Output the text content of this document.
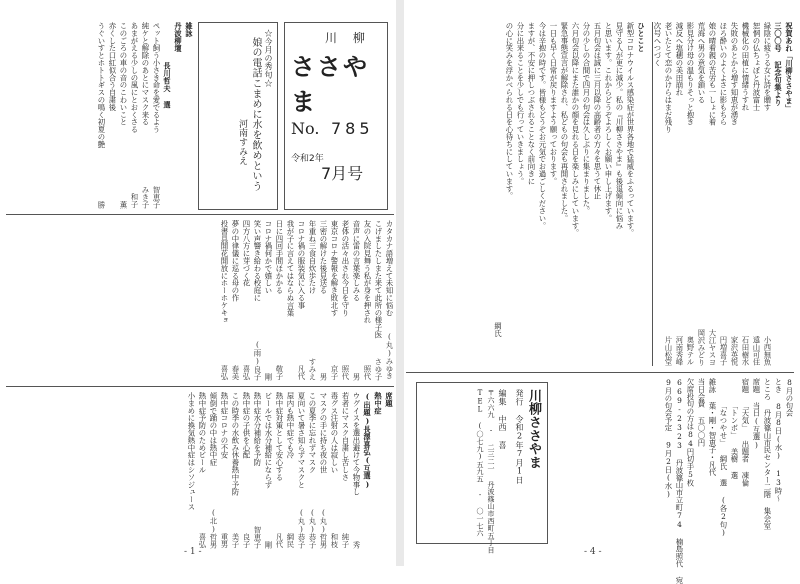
川 柳
ささやま
No. 785
令和2年
7月号
☆今月の秀句☆
娘の電話こまめに水を飲めという
河南すみえ
雑詠
丹波柳壇
長川哲夫 選
ペット飼う小さき命を愛でるよう
智恵子
純ケと解除のあとにマスク来る
みき子
あまがえる少しの風にとおくさる
和子
このごろの車の音のこわいこと
薫
赤くした口紅似合う自粛後
うぐいすとホトトギスの鳴く初夏の艶
勝
カタカナ語増えて未知に悩む
(丸)みゆき
こげましたしまた来て此所の様子医
さゆ子
友の入院見舞う私が身を押され
照代
音声に雷の言葉楽しみる
男
老体の活々出され今日を守り
照代
東京コロナ警報を解き敗北す
京子
三密の解けた後見送る
男
年重ね三食自炊歩たけ
すみえ
コロナ禍の服装気に入る事
凡代
我が子に言えてはならぬ言葉
日に四回手間ほかかる
敬子
コロナ禍何かで嬉しい
剛
笑い声響き給わる校庭に
(雨)良子
四方八方に芽づく花
喜弘
夢の中律儀に巡る母の作
春美
投書具開花開放にホーホケキョ
喜弘
席題
熱中症
(出題)長澤喜弘(互選)
ウグイスを選出避けて今物事し
秀
若者にマスク自粛し苦しさ
純子
毒グス注射の人は寂しい
和枝
マスクの手に持ち夜の世
(丸)哲男
この夏季に忘れずマスク
(丸)恭子
夏向いて暑さ知らずマスクと
(丸)恭子
屋内も熱中症でも冷
網民
熱中症対策として安心する
凡代
ビールでは水分補給にならず
剛
熱中症水分補給を予防
智恵子
熱中症の子供を心配
良子
この時季の水飲み休養熱中予防
美子
熱中症コロナの不安
重男
傾倒で踊の中は熱中症
(北)哲男
熱中症予防のためビール
喜弘
小まめに換気熱中症はシソジュース
- 1 -
祝賀あれ「川柳ささやま」
三〇〇号 記念句集より
緑陰に疲うる女に詩を贈す
小西無魚
恕惘の仏ちょぼと丹波富士
遠山可住
機械化の田植に情緒うすれ
石田樹水
失敗のあとから増す知恵が湧き
家沢英悦
ほろ酔いのよくよさに影もちら
円増喜子
娘の晴着親の苦労も一しょに着
大江ヤスヨ
荒海へ男の意気を鎖いる
岡沢みどり
影見分け母の温もりそっと抱き
奥野テル
減反へ塩穂の美田崩れ
河南秀峰
老いたとて恋のかけらはまだ残り
片山松堂
次号へつづく
ひとこと
新型コロナウイルス感染症が世界各地で猛威をふるっています。
見守る人が更に減少。私の『川柳ささやま』も後退傾向に悩み
と思います。これからどうぞよろしくお願い申し上げます。
五月句会は誠に三月以降の高齢者の方々を思うて休止
分の少しの合間で四月の句会は久しぶりに集まりました。
六月句会以降にまた誰かの顔を見れる日を楽しみにしています。
緊急事態宣言が解除され、私どもの句会も再開されました。
一日も早く日常が戻りますよう願っております。
今は辛抱の時です。皆様もどうぞお元気でお過ごしください。
ますが、不安に押しつぶされることなく前向きに
分に出来ることを少しでも行っていきましょう。
の心に笑みを浮かべられる日を心待ちにしています。
網氏
8月の句会
とき 8月8日(水) 13時～
ところ 丹波篠山市民センター二階 集会室
席題 当日(互選)
宿題 「天気」 出題者 凍倫
　　 「トンボ」 美樹 選
　　 「なつやせ」 網氏 選 (各2句)
雑詠 葉・剛・智恵子・凡代
当日会費 五〇〇円
欠席投句の方は84円切手5枚
669-2323 丹波篠山市立町74 楠島照代 宛
9月の句会予定 9月2日(水)
川柳ささやま
発行 令和2年7月1日
編集 中西 喜
〒六六九 - 二三二一 丹波篠山市西町五丁目
TEL (〇七九)五九五 - 〇一七六
- 4 -
